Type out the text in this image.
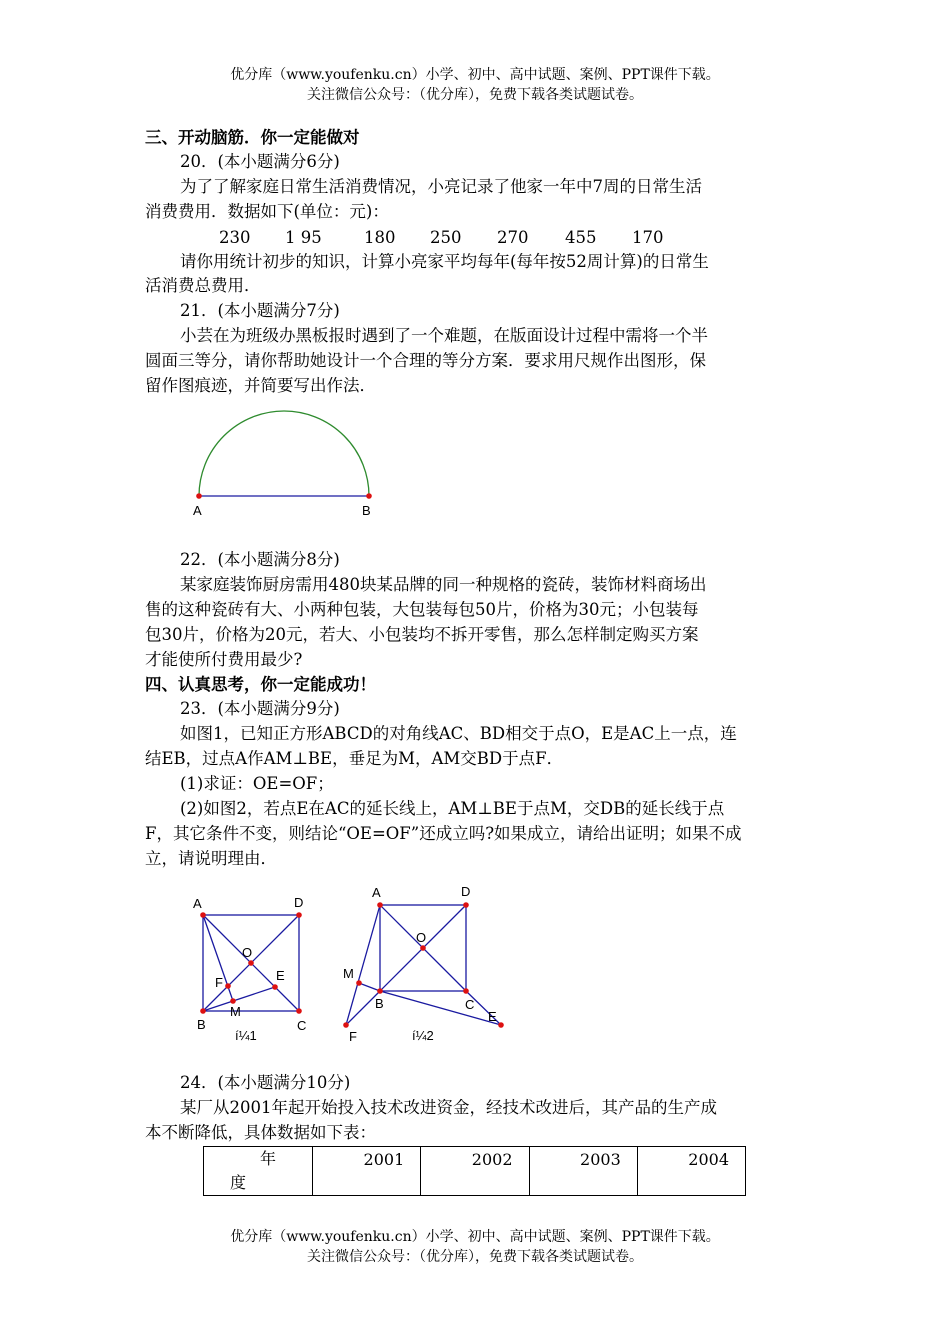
优分库（www.youfenku.cn）小学、初中、高中试题、案例、PPT课件下载。
关注微信公众号：（优分库），免费下载各类试题试卷。
三、开动脑筋．你一定能做对
20．(本小题满分6分)
为了了解家庭日常生活消费情况，小亮记录了他家一年中7周的日常生活
消费费用．数据如下(单位：元)：
230 1 95	180 250 270 455 170
请你用统计初步的知识，计算小亮家平均每年(每年按52周计算)的日常生
活消费总费用．
21．(本小题满分7分)
小芸在为班级办黑板报时遇到了一个难题，在版面设计过程中需将一个半
圆面三等分，请你帮助她设计一个合理的等分方案．要求用尺规作出图形，保
留作图痕迹，并简要写出作法．
A	B
22．(本小题满分8分)
某家庭装饰厨房需用480块某品牌的同一种规格的瓷砖，装饰材料商场出
售的这种瓷砖有大、小两种包装，大包装每包50片，价格为30元；小包装每
包30片，价格为20元，若大、小包装均不拆开零售，那么怎样制定购买方案
才能使所付费用最少?
四、认真思考，你一定能成功！
23．(本小题满分9分)
如图1，已知正方形ABCD的对角线AC、BD相交于点O，E是AC上一点，连
结EB，过点A作AM⊥BE，垂足为M，AM交BD于点F．
(1)求证：OE=OF；
(2)如图2，若点E在AC的延长线上，AM⊥BE于点M，交DB的延长线于点
F，其它条件不变，则结论“OE=OF”还成立吗?如果成立，请给出证明；如果不成
立，请说明理由．
A	D
O
F	E
M
B	C
í¼1
A	D
O
M
B	C
E
F	í¼2
24．(本小题满分10分)
某厂从2001年起开始投入技术改进资金，经技术改进后，其产品的生产成
本不断降低，具体数据如下表：
年
度
	2001	2002	2003	2004
优分库（www.youfenku.cn）小学、初中、高中试题、案例、PPT课件下载。
关注微信公众号：（优分库），免费下载各类试题试卷。
